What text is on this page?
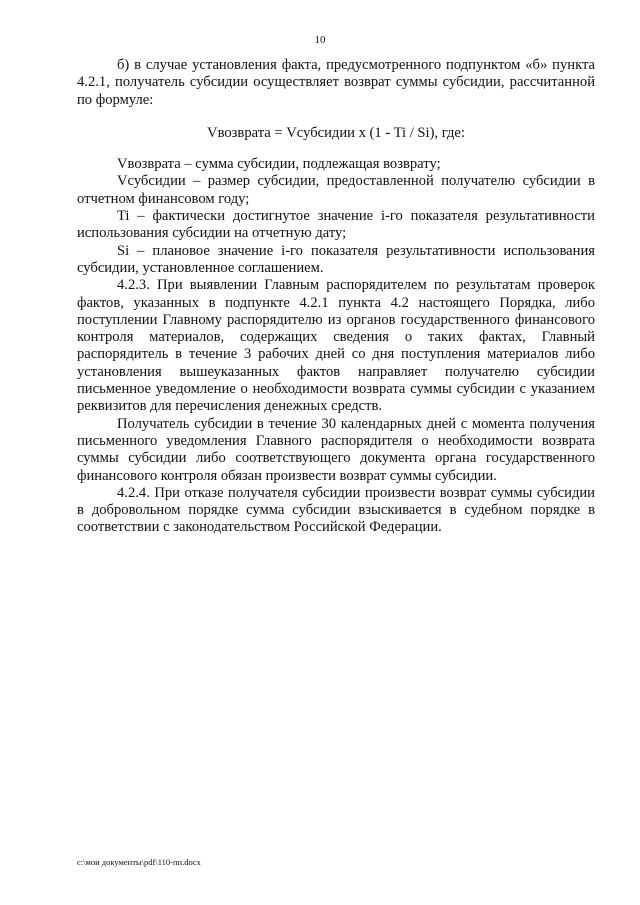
10

б) в случае установления факта, предусмотренного подпунктом «б» пункта 4.2.1, получатель субсидии осуществляет возврат суммы субсидии, рассчитанной по формуле:

Vвозврата = Vсубсидии x (1 - Ti / Si), где:

Vвозврата – сумма субсидии, подлежащая возврату;

Vсубсидии – размер субсидии, предоставленной получателю субсидии в отчетном финансовом году;

Ti – фактически достигнутое значение i-го показателя результативности использования субсидии на отчетную дату;

Si – плановое значение i-го показателя результативности использования субсидии, установленное соглашением.

4.2.3. При выявлении Главным распорядителем по результатам проверок фактов, указанных в подпункте 4.2.1 пункта 4.2 настоящего Порядка, либо поступлении Главному распорядителю из органов государственного финансового контроля материалов, содержащих сведения о таких фактах, Главный распорядитель в течение 3 рабочих дней со дня поступления материалов либо установления вышеуказанных фактов направляет получателю субсидии письменное уведомление о необходимости возврата суммы субсидии с указанием реквизитов для перечисления денежных средств.

Получатель субсидии в течение 30 календарных дней с момента получения письменного уведомления Главного распорядителя о необходимости возврата суммы субсидии либо соответствующего документа органа государственного финансового контроля обязан произвести возврат суммы субсидии.

4.2.4. При отказе получателя субсидии произвести возврат суммы субсидии в добровольном порядке сумма субсидии взыскивается в судебном порядке в соответствии с законодательством Российской Федерации.

c:\мои документы\pdf\110-пп.docx
